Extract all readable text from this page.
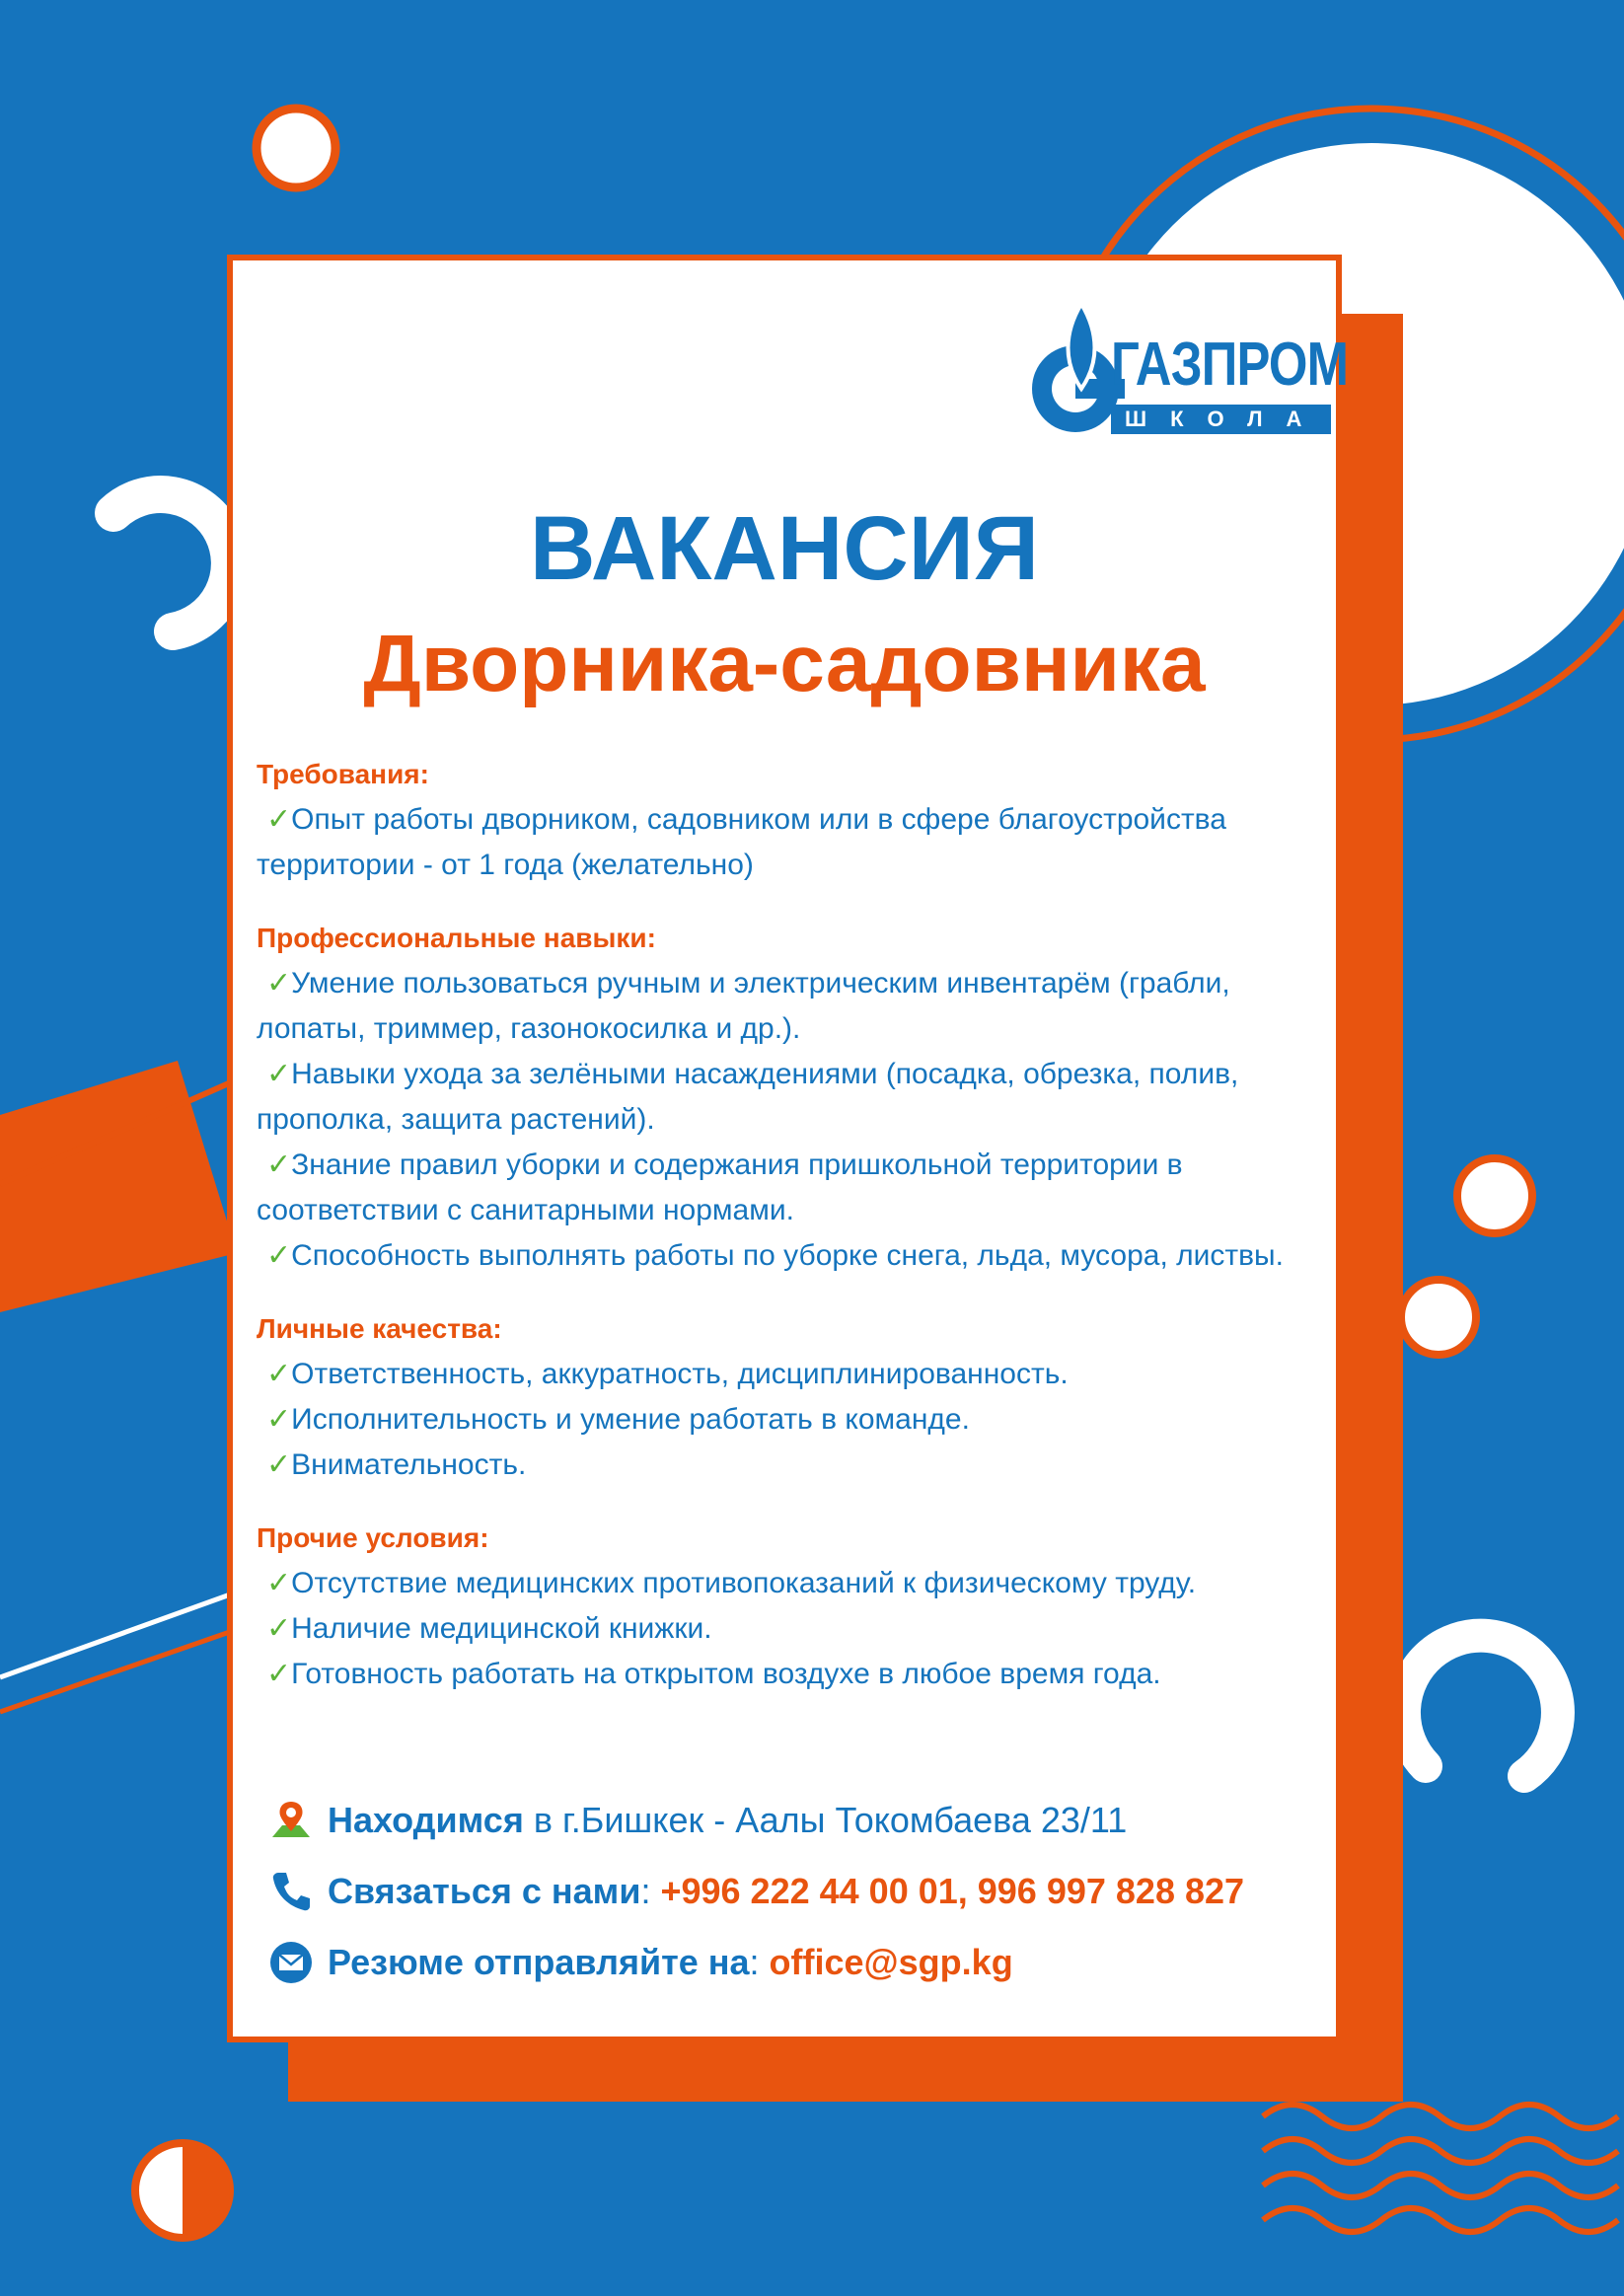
ГАЗПРОМ
ШКОЛА
ВАКАНСИЯ
Дворника-садовника
Требования:
✓Опыт работы дворником, садовником или в сфере благоустройства территории - от 1 года (желательно)
Профессиональные навыки:
✓Умение пользоваться ручным и электрическим инвентарём (грабли, лопаты, триммер, газонокосилка и др.).
✓Навыки ухода за зелёными насаждениями (посадка, обрезка, полив, прополка, защита растений).
✓Знание правил уборки и содержания пришкольной территории в соответствии с санитарными нормами.
✓Способность выполнять работы по уборке снега, льда, мусора, листвы.
Личные качества:
✓Ответственность, аккуратность, дисциплинированность.
✓Исполнительность и умение работать в команде.
✓Внимательность.
Прочие условия:
✓Отсутствие медицинских противопоказаний к физическому труду.
✓Наличие медицинской книжки.
✓Готовность работать на открытом воздухе в любое время года.
Находимся в г.Бишкек - Аалы Токомбаева 23/11
Связаться с нами : +996 222 44 00 01, 996 997 828 827
Резюме отправляйте на : office@sgp.kg
